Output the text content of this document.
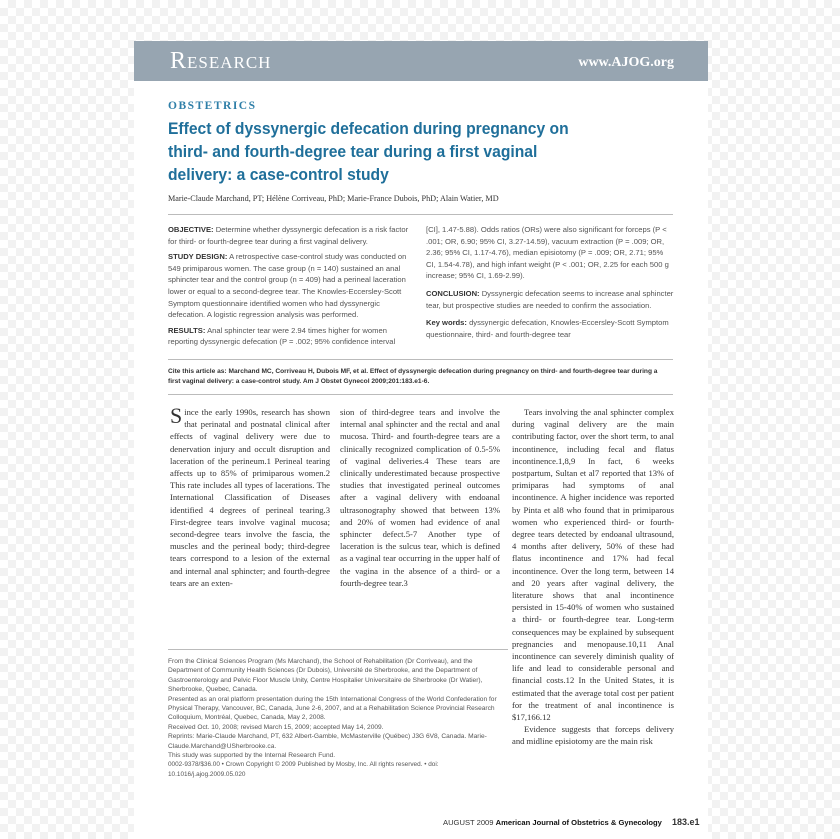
Research	www.AJOG.org
OBSTETRICS
Effect of dyssynergic defecation during pregnancy on third- and fourth-degree tear during a first vaginal delivery: a case-control study
Marie-Claude Marchand, PT; Hélène Corriveau, PhD; Marie-France Dubois, PhD; Alain Watier, MD
OBJECTIVE: Determine whether dyssynergic defecation is a risk factor for third- or fourth-degree tear during a first vaginal delivery.
STUDY DESIGN: A retrospective case-control study was conducted on 549 primiparous women. The case group (n = 140) sustained an anal sphincter tear and the control group (n = 409) had a perineal laceration lower or equal to a second-degree tear. The Knowles-Eccersley-Scott Symptom questionnaire identified women who had dyssynergic defecation. A logistic regression analysis was performed.
RESULTS: Anal sphincter tear were 2.94 times higher for women reporting dyssynergic defecation (P = .002; 95% confidence interval
[CI], 1.47-5.88). Odds ratios (ORs) were also significant for forceps (P < .001; OR, 6.90; 95% CI, 3.27-14.59), vacuum extraction (P = .009; OR, 2.36; 95% CI, 1.17-4.76), median episiotomy (P = .009; OR, 2.71; 95% CI, 1.54-4.78), and high infant weight (P < .001; OR, 2.25 for each 500 g increase; 95% CI, 1.69-2.99).
CONCLUSION: Dyssynergic defecation seems to increase anal sphincter tear, but prospective studies are needed to confirm the association.
Key words: dyssynergic defecation, Knowles-Eccersley-Scott Symptom questionnaire, third- and fourth-degree tear
Cite this article as: Marchand MC, Corriveau H, Dubois MF, et al. Effect of dyssynergic defecation during pregnancy on third- and fourth-degree tear during a first vaginal delivery: a case-control study. Am J Obstet Gynecol 2009;201:183.e1-6.

Since the early 1990s, research has shown that perinatal and postnatal clinical after effects of vaginal delivery were due to denervation injury and occult disruption and laceration of the perineum.1 Perineal tearing affects up to 85% of primiparous women.2 This rate includes all types of lacerations. The International Classification of Diseases identified 4 degrees of perineal tearing.3 First-degree tears involve vaginal mucosa; second-degree tears involve the fascia, the muscles and the perineal body; third-degree tears correspond to a lesion of the external and internal anal sphincter; and fourth-degree tears are an exten-

sion of third-degree tears and involve the internal anal sphincter and the rectal and anal mucosa. Third- and fourth-degree tears are a clinically recognized complication of 0.5-5% of vaginal deliveries.4 These tears are clinically underestimated because prospective studies that investigated perineal outcomes after a vaginal delivery with endoanal ultrasonography showed that between 13% and 20% of women had evidence of anal sphincter defect.5-7 Another type of laceration is the sulcus tear, which is defined as a vaginal tear occurring in the upper half of the vagina in the absence of a third- or a fourth-degree tear.3

Tears involving the anal sphincter complex during vaginal delivery are the main contributing factor, over the short term, to anal incontinence, including fecal and flatus incontinence.1,8,9 In fact, 6 weeks postpartum, Sultan et al7 reported that 13% of primiparas had symptoms of anal incontinence. A higher incidence was reported by Pinta et al8 who found that in primiparous women who experienced third- or fourth-degree tears detected by endoanal ultrasound, 4 months after delivery, 50% of these had flatus incontinence and 17% had fecal incontinence. Over the long term, between 14 and 20 years after vaginal delivery, the literature shows that anal incontinence persisted in 15-40% of women who sustained a third- or fourth-degree tear. Long-term consequences may be explained by subsequent pregnancies and menopause.10,11 Anal incontinence can severely diminish quality of life and lead to considerable personal and financial costs.12 In the United States, it is estimated that the average total cost per patient for the treatment of anal incontinence is $17,166.12

Evidence suggests that forceps delivery and midline episiotomy are the main risk

From the Clinical Sciences Program (Ms Marchand), the School of Rehabilitation (Dr Corriveau), and the Department of Community Health Sciences (Dr Dubois), Université de Sherbrooke, and the Department of Gastroenterology and Pelvic Floor Muscle Unity, Centre Hospitalier Universitaire de Sherbrooke (Dr Watier), Sherbrooke, Quebec, Canada.

Presented as an oral platform presentation during the 15th International Congress of the World Confederation for Physical Therapy, Vancouver, BC, Canada, June 2-6, 2007, and at a Rehabilitation Science Provincial Research Colloquium, Montréal, Quebec, Canada, May 2, 2008.

Received Oct. 10, 2008; revised March 15, 2009; accepted May 14, 2009.

Reprints: Marie-Claude Marchand, PT, 632 Albert-Gamble, McMasterville (Québec) J3G 6V8, Canada. Marie-Claude.Marchand@USherbrooke.ca.

This study was supported by the Internal Research Fund.

0002-9378/$36.00 • Crown Copyright © 2009 Published by Mosby, Inc. All rights reserved. • doi: 10.1016/j.ajog.2009.05.020

AUGUST 2009 American Journal of Obstetrics & Gynecology 183.e1
